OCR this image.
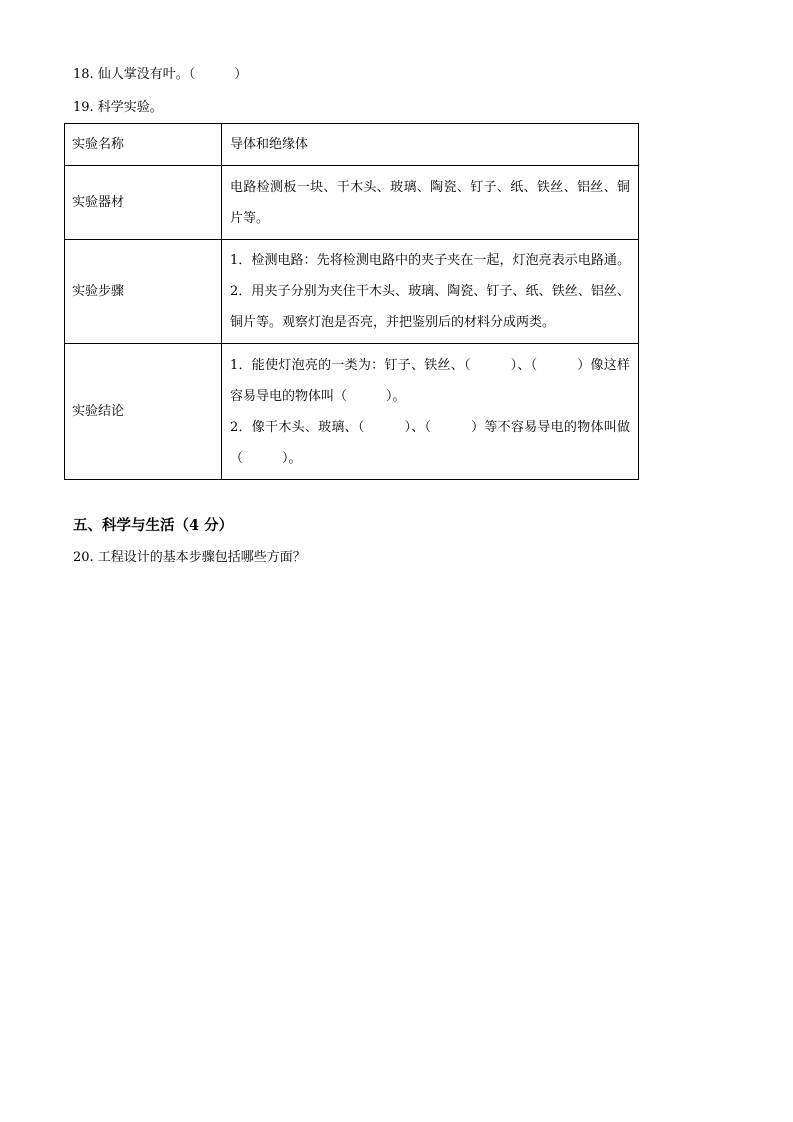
18. 仙人掌没有叶。（　　　）
19. 科学实验。
实验名称	导体和绝缘体

实验器材	电路检测板一块、干木头、玻璃、陶瓷、钉子、纸、铁丝、铝丝、铜片等。

实验步骤	1．检测电路：先将检测电路中的夹子夹在一起，灯泡亮表示电路通。2．用夹子分别为夹住干木头、玻璃、陶瓷、钉子、纸、铁丝、铝丝、铜片等。观察灯泡是否亮，并把鉴别后的材料分成两类。

实验结论	1．能使灯泡亮的一类为：钉子、铁丝、（　　　）、（　　　）像这样容易导电的物体叫（　　　）。
2．像干木头、玻璃、（　　　）、（　　　）等不容易导电的物体叫做（　　　）。
五、科学与生活（4 分）
20. 工程设计的基本步骤包括哪些方面？
